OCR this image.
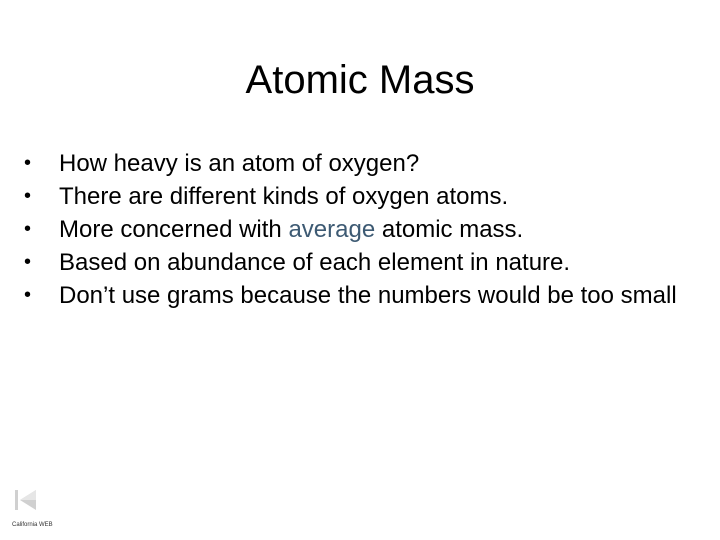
Atomic Mass
•	How heavy is an atom of oxygen?
•	There are different kinds of oxygen atoms.
•	More concerned with average atomic mass.
•	Based on abundance of each element in nature.
•	Don’t use grams because the numbers would be too small
California WEB
